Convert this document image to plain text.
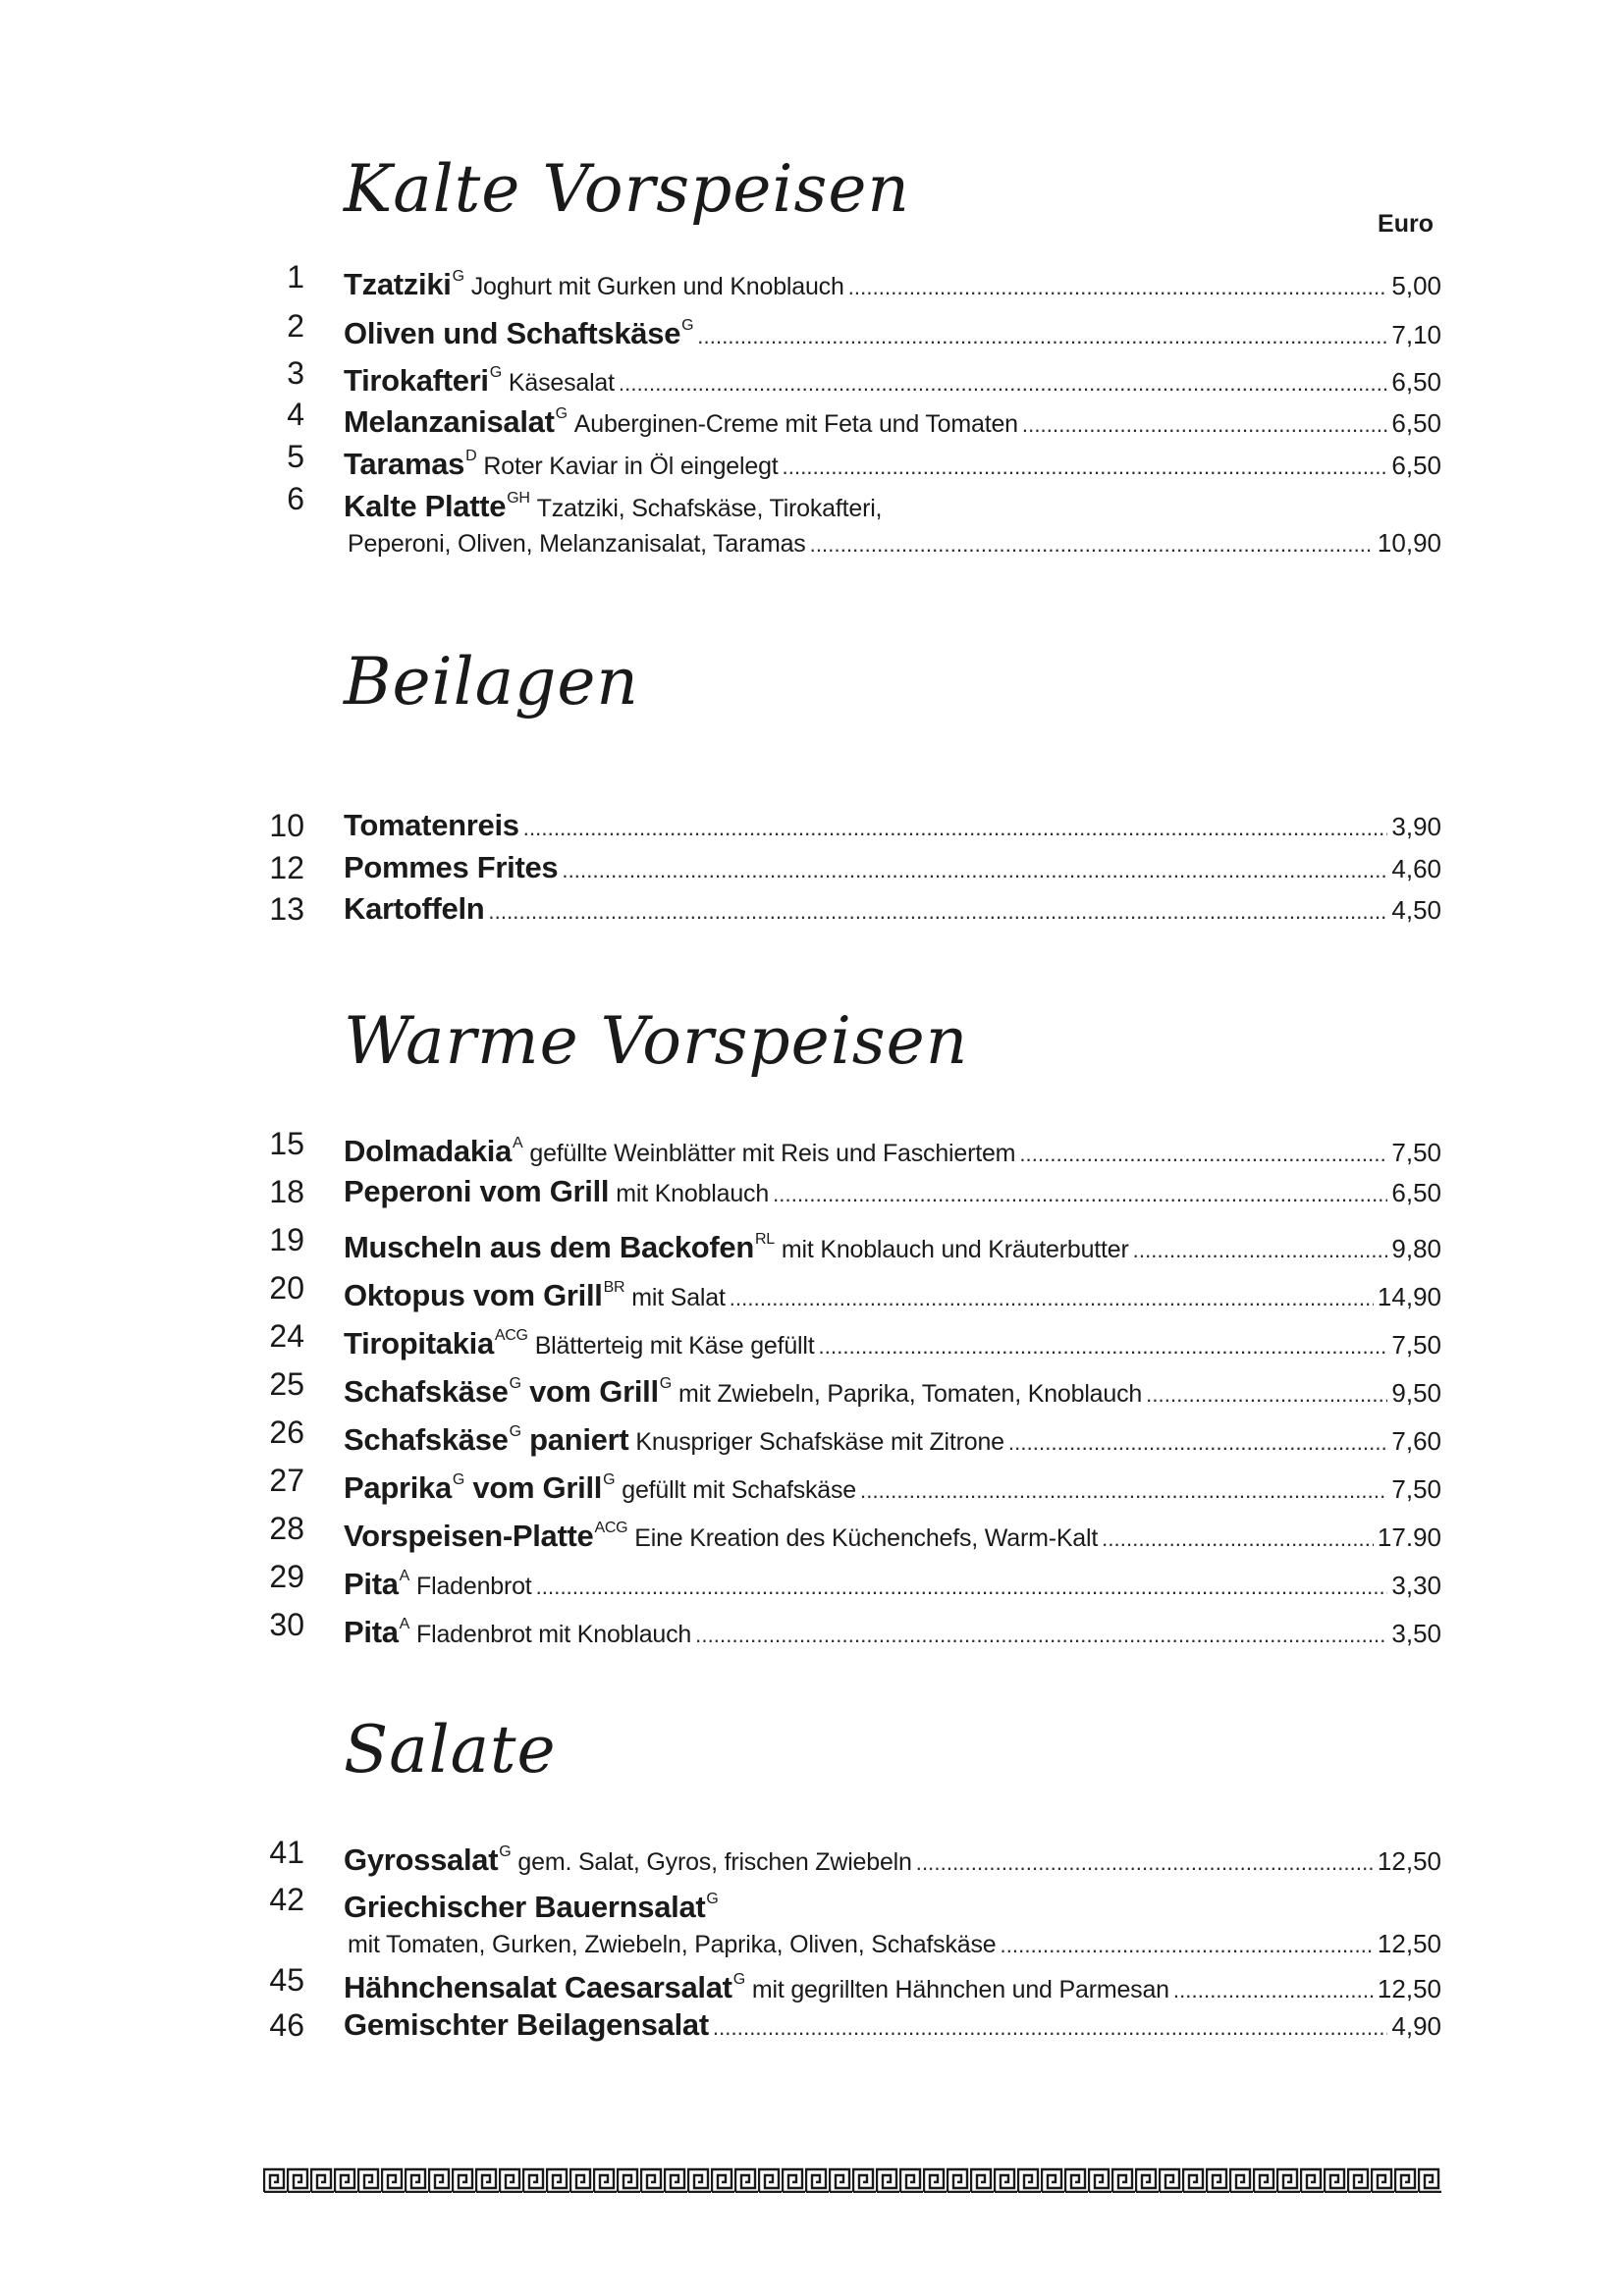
Kalte Vorspeisen	Euro
Beilagen
Warme Vorspeisen
Salate
1 Tzatziki$^G$ Joghurt mit Gurken und Knoblauch . . .	5,00
2 Oliven und Schaftskäse$^G$ . . .	7,10
3 Tirokafteri$^G$ Käsesalat . . .	6,50
4 Melanzanisalat$^G$ Auberginen-Creme mit Feta und Tomaten . . .	6,50
5 Taramas$^D$ Roter Kaviar in Öl eingelegt . . .	6,50
6 Kalte Platte$^{GH}$ Tzatziki, Schafskäse, Tirokafteri,
Peperoni, Oliven, Melanzanisalat, Taramas . . .	10,90
10 Tomatenreis . . .	3,90
12 Pommes Frites . . .	4,60
13 Kartoffeln . . .	4,50
15 Dolmadakia$^A$ gefüllte Weinblätter mit Reis und Faschiertem . . .	7,50
18 Peperoni vom Grill mit Knoblauch . . .	6,50
19 Muscheln aus dem Backofen$^{RL}$ mit Knoblauch und Kräuterbutter . . .	9,80
20 Oktopus vom Grill$^{BR}$ mit Salat . . .	14,90
24 Tiropitakia$^{ACG}$ Blätterteig mit Käse gefüllt . . .	7,50
25 Schafskäse$^G$ vom Grill$^G$ mit Zwiebeln, Paprika, Tomaten, Knoblauch . . .	9,50
26 Schafskäse$^G$ paniert Knuspriger Schafskäse mit Zitrone . . .	7,60
27 Paprika$^G$ vom Grill$^G$ gefüllt mit Schafskäse . . .	7,50
28 Vorspeisen-Platte$^{ACG}$ Eine Kreation des Küchenchefs, Warm-Kalt . . .	17.90
29 Pita$^A$ Fladenbrot . . .	3,30
30 Pita$^A$ Fladenbrot mit Knoblauch . . .	3,50
41 Gyrossalat$^G$ gem. Salat, Gyros, frischen Zwiebeln . . .	12,50
42 Griechischer Bauernsalat$^G$
mit Tomaten, Gurken, Zwiebeln, Paprika, Oliven, Schafskäse . . .	12,50
45 Hähnchensalat Caesarsalat$^G$ mit gegrillten Hähnchen und Parmesan . . .	12,50
46 Gemischter Beilagensalat . . .	4,90
